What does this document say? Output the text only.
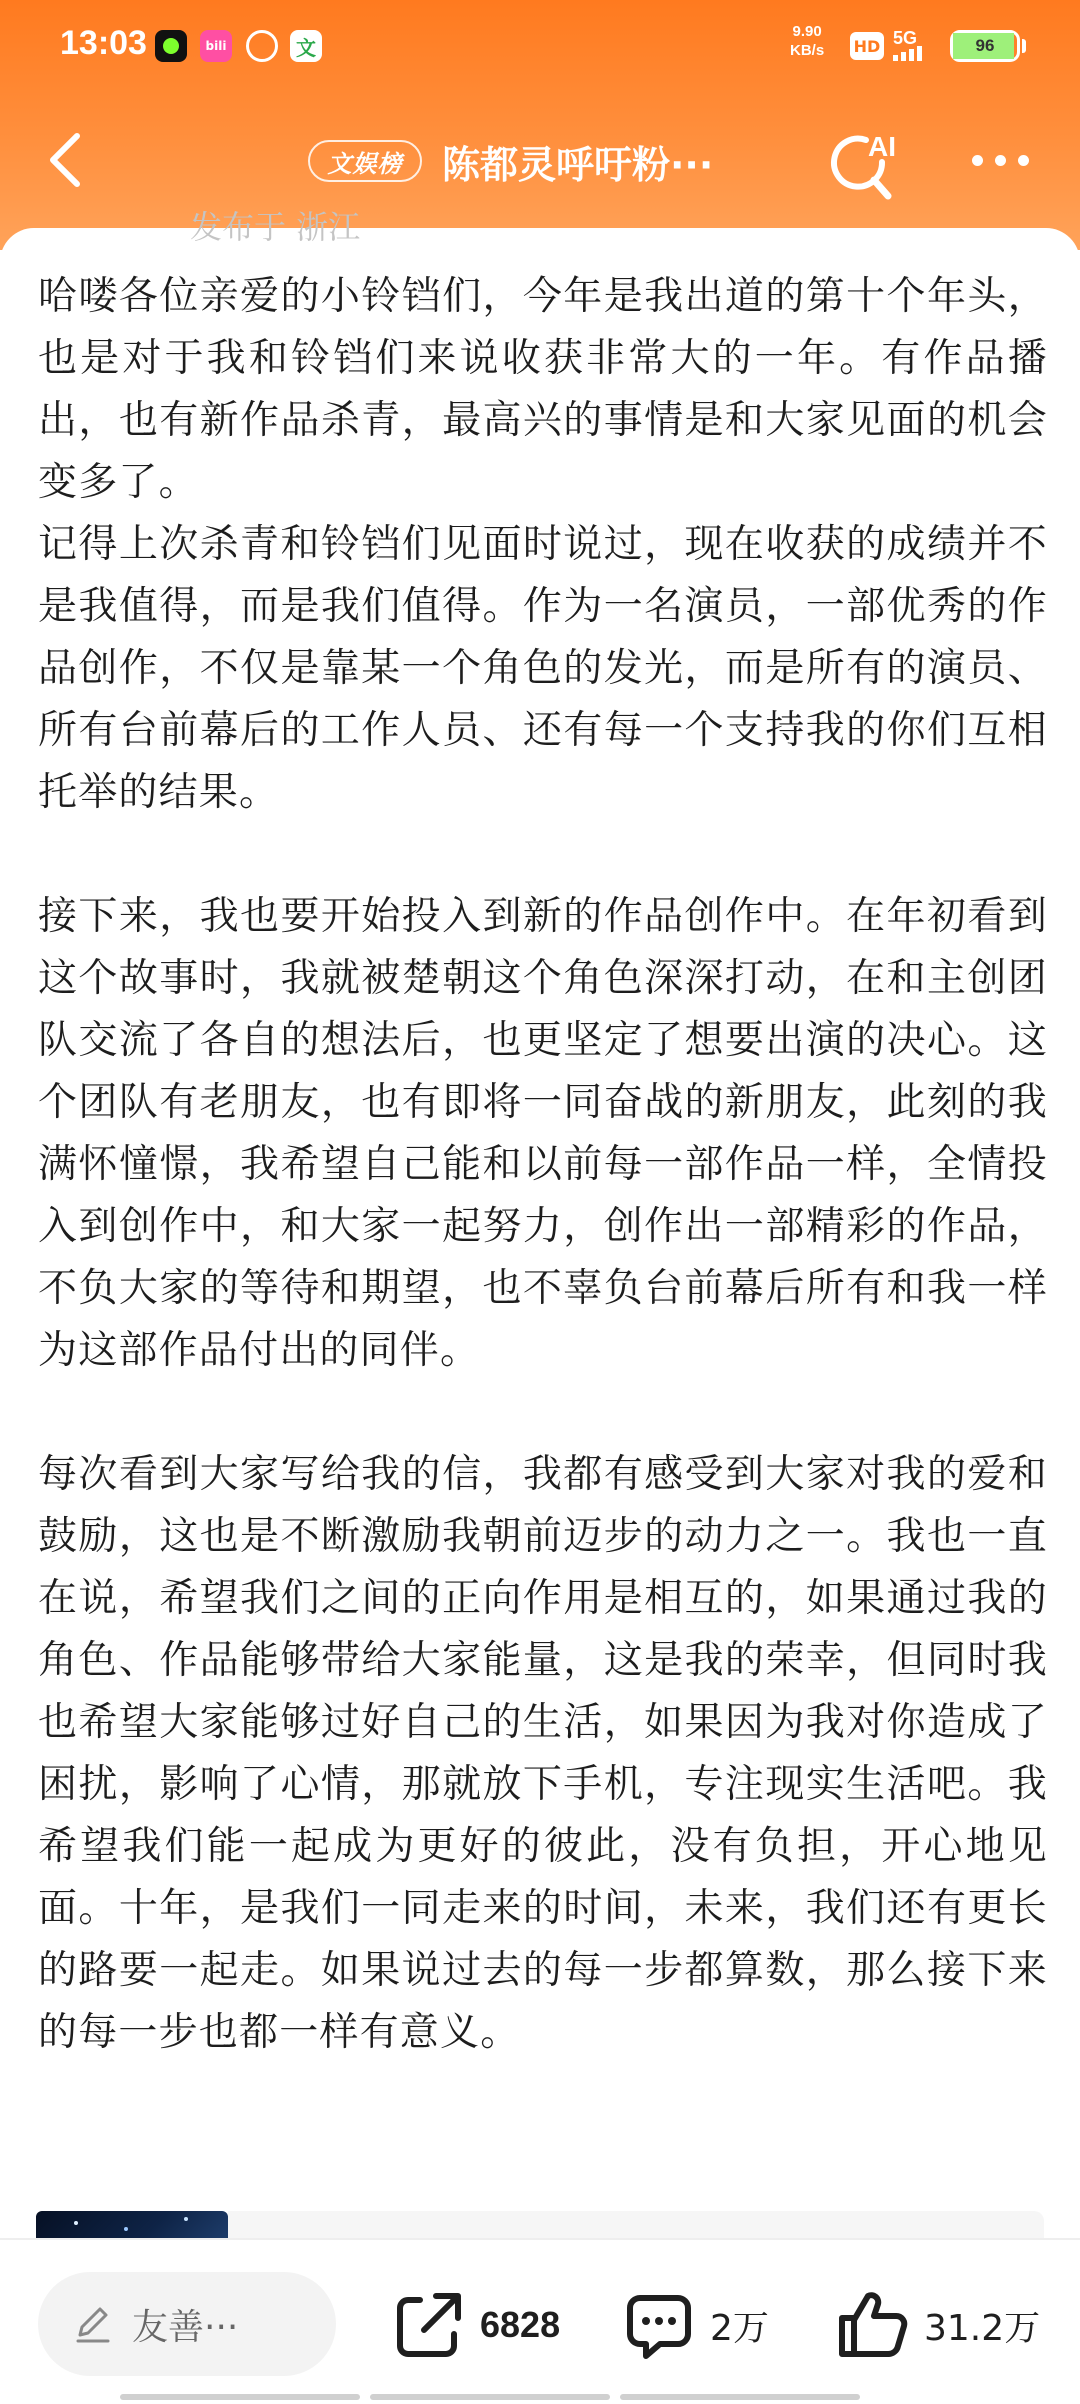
13:03	bili	文
9.90
KB/s HD 5G	96
文娱榜	陈都灵呼吁粉···	AI
发布于 浙江

哈喽各位亲爱的小铃铛们，今年是我出道的第十个年头，也是对于我和铃铛们来说收获非常大的一年。有作品播出，也有新作品杀青，最高兴的事情是和大家见面的机会变多了。

记得上次杀青和铃铛们见面时说过，现在收获的成绩并不是我值得，而是我们值得。作为一名演员，一部优秀的作品创作，不仅是靠某一个角色的发光，而是所有的演员、所有台前幕后的工作人员、还有每一个支持我的你们互相托举的结果。

接下来，我也要开始投入到新的作品创作中。在年初看到这个故事时，我就被楚朝这个角色深深打动，在和主创团队交流了各自的想法后，也更坚定了想要出演的决心。这个团队有老朋友，也有即将一同奋战的新朋友，此刻的我满怀憧憬，我希望自己能和以前每一部作品一样，全情投入到创作中，和大家一起努力，创作出一部精彩的作品，不负大家的等待和期望，也不辜负台前幕后所有和我一样为这部作品付出的同伴。

每次看到大家写给我的信，我都有感受到大家对我的爱和鼓励，这也是不断激励我朝前迈步的动力之一。我也一直在说，希望我们之间的正向作用是相互的，如果通过我的角色、作品能够带给大家能量，这是我的荣幸，但同时我也希望大家能够过好自己的生活，如果因为我对你造成了困扰，影响了心情，那就放下手机，专注现实生活吧。我希望我们能一起成为更好的彼此，没有负担，开心地见面。十年，是我们一同走来的时间，未来，我们还有更长的路要一起走。如果说过去的每一步都算数，那么接下来的每一步也都一样有意义。

友善···	6828	2万	31.2万
